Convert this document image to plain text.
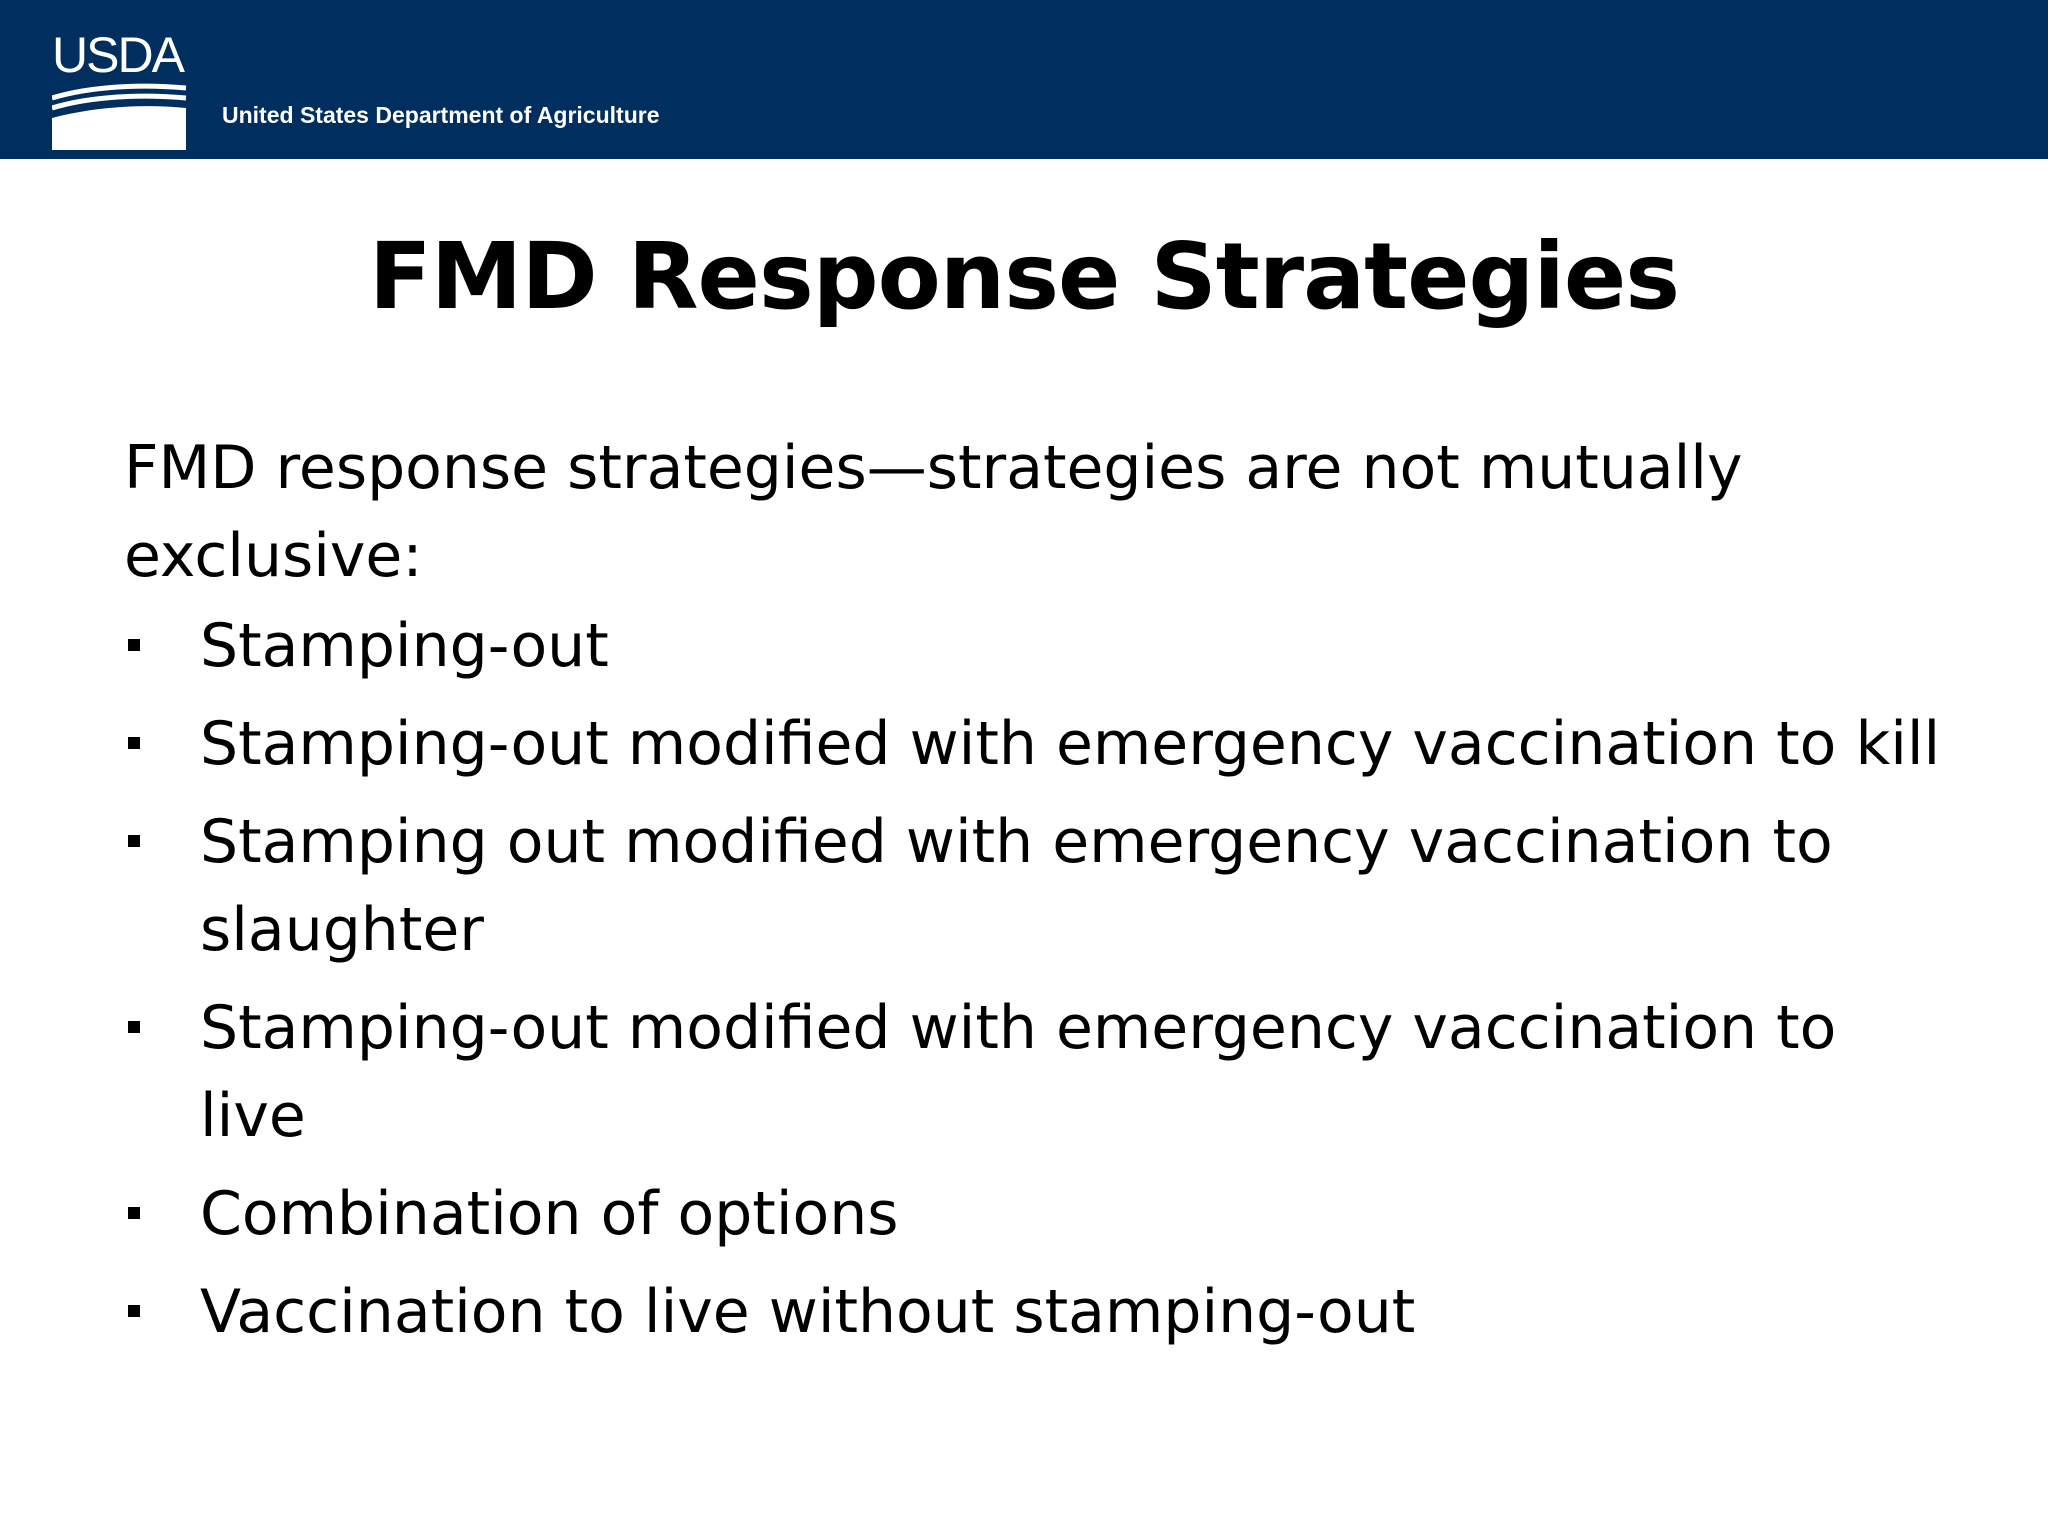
USDA
United States Department of Agriculture
FMD Response Strategies

FMD response strategies—strategies are not mutually exclusive:

Stamping-out
Stamping-out modified with emergency vaccination to kill
Stamping out modified with emergency vaccination to slaughter
Stamping-out modified with emergency vaccination to live
Combination of options
Vaccination to live without stamping-out
